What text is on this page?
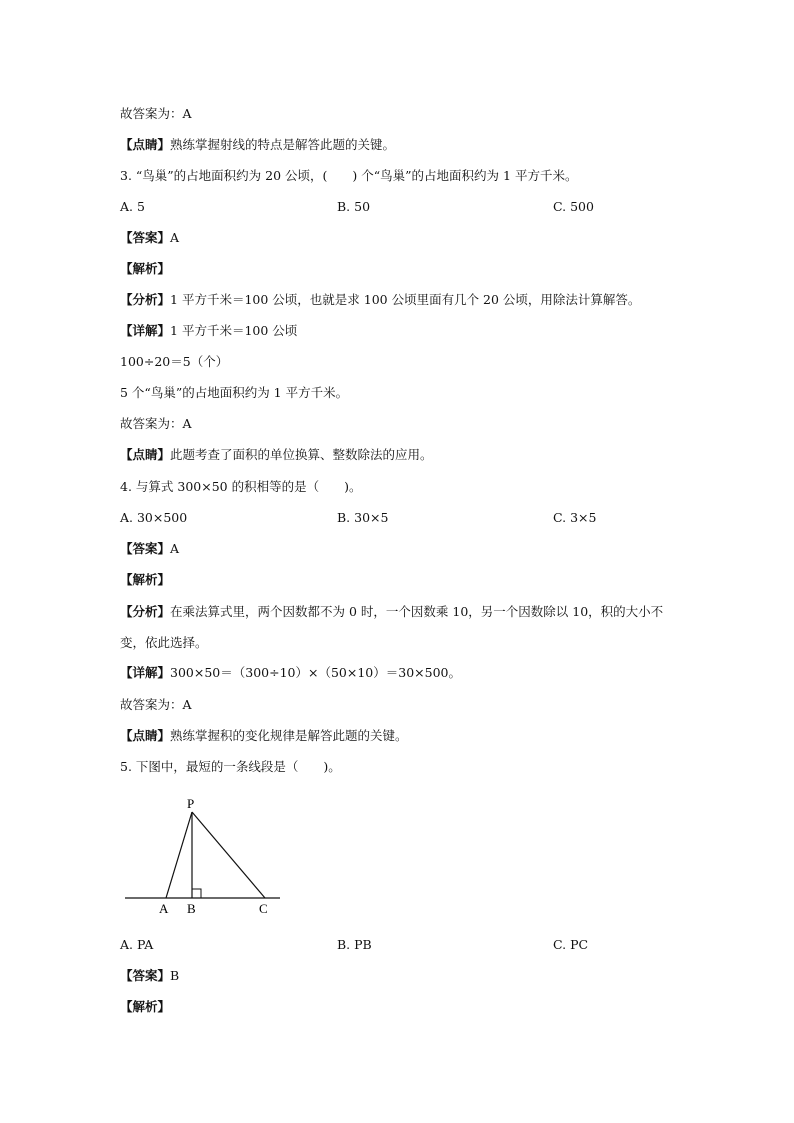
故答案为：A
【点睛】熟练掌握射线的特点是解答此题的关键。
3. “鸟巢”的占地面积约为 20 公顷，(　　) 个“鸟巢”的占地面积约为 1 平方千米。
A. 5	B. 50	C. 500
【答案】A
【解析】
【分析】1 平方千米＝100 公顷，也就是求 100 公顷里面有几个 20 公顷，用除法计算解答。
【详解】1 平方千米＝100 公顷
100÷20＝5（个）
5 个“鸟巢”的占地面积约为 1 平方千米。
故答案为：A
【点睛】此题考查了面积的单位换算、整数除法的应用。
4. 与算式 300×50 的积相等的是（　　)。
A. 30×500	B. 30×5	C. 3×5
【答案】A
【解析】
【分析】在乘法算式里，两个因数都不为 0 时，一个因数乘 10，另一个因数除以 10，积的大小不变，依此选择。
【详解】300×50＝（300÷10）×（50×10）＝30×500。
故答案为：A
【点睛】熟练掌握积的变化规律是解答此题的关键。
5. 下图中，最短的一条线段是（　　)。
P
A B	C
A. PA	B. PB	C. PC
【答案】B
【解析】
